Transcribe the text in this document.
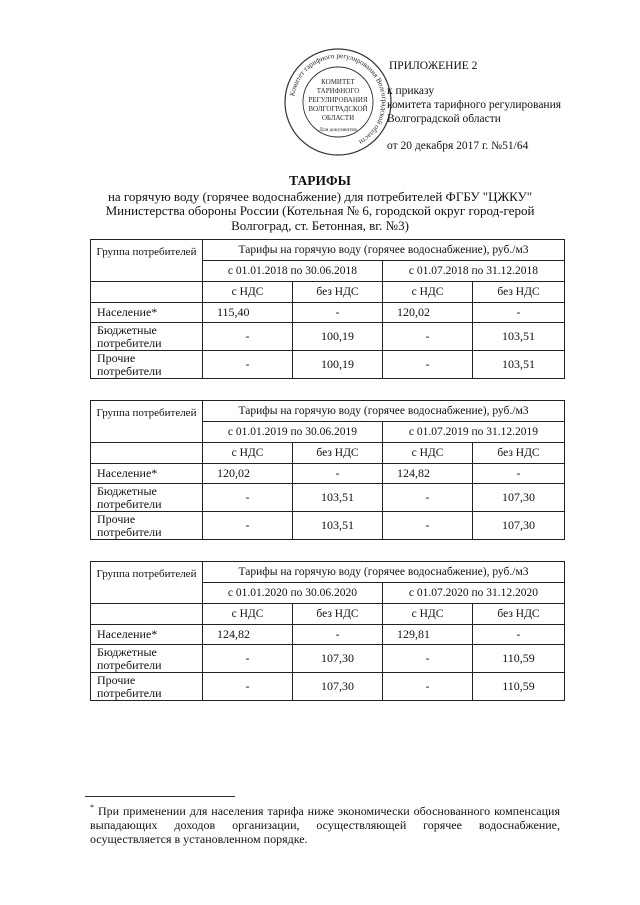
Комитет тарифного регулирования Волгоградской области
КОМИТЕТ
ТАРИФНОГО
РЕГУЛИРОВАНИЯ
ВОЛГОГРАДСКОЙ
ОБЛАСТИ
Для документов
ПРИЛОЖЕНИЕ 2
к приказу
комитета тарифного регулирования
Волгоградской области
от 20 декабря 2017 г. №51/64
ТАРИФЫ
на горячую воду (горячее водоснабжение) для потребителей ФГБУ "ЦЖКУ"
Министерства обороны России (Котельная № 6, городской округ город-герой
Волгоград, ст. Бетонная, вг. №3)
Группа потребителей	Тарифы на горячую воду (горячее водоснабжение), руб./м3			
	с 01.01.2018 по 30.06.2018		с 01.07.2018 по 31.12.2018	
	с НДС	без НДС	с НДС	без НДС
Население*	115,40	-	120,02	-
Бюджетные потребители	-	100,19	-	103,51
Прочие потребители	-	100,19	-	103,51
Группа потребителей	Тарифы на горячую воду (горячее водоснабжение), руб./м3			
	с 01.01.2019 по 30.06.2019		с 01.07.2019 по 31.12.2019	
	с НДС	без НДС	с НДС	без НДС
Население*	120,02	-	124,82	-
Бюджетные потребители	-	103,51	-	107,30
Прочие потребители	-	103,51	-	107,30
Группа потребителей	Тарифы на горячую воду (горячее водоснабжение), руб./м3			
	с 01.01.2020 по 30.06.2020		с 01.07.2020 по 31.12.2020	
	с НДС	без НДС	с НДС	без НДС
Население*	124,82	-	129,81	-
Бюджетные потребители	-	107,30	-	110,59
Прочие потребители	-	107,30	-	110,59
* При применении для населения тарифа ниже экономически обоснованного компенсация выпадающих доходов организации, осуществляющей горячее водоснабжение, осуществляется в установленном порядке.
